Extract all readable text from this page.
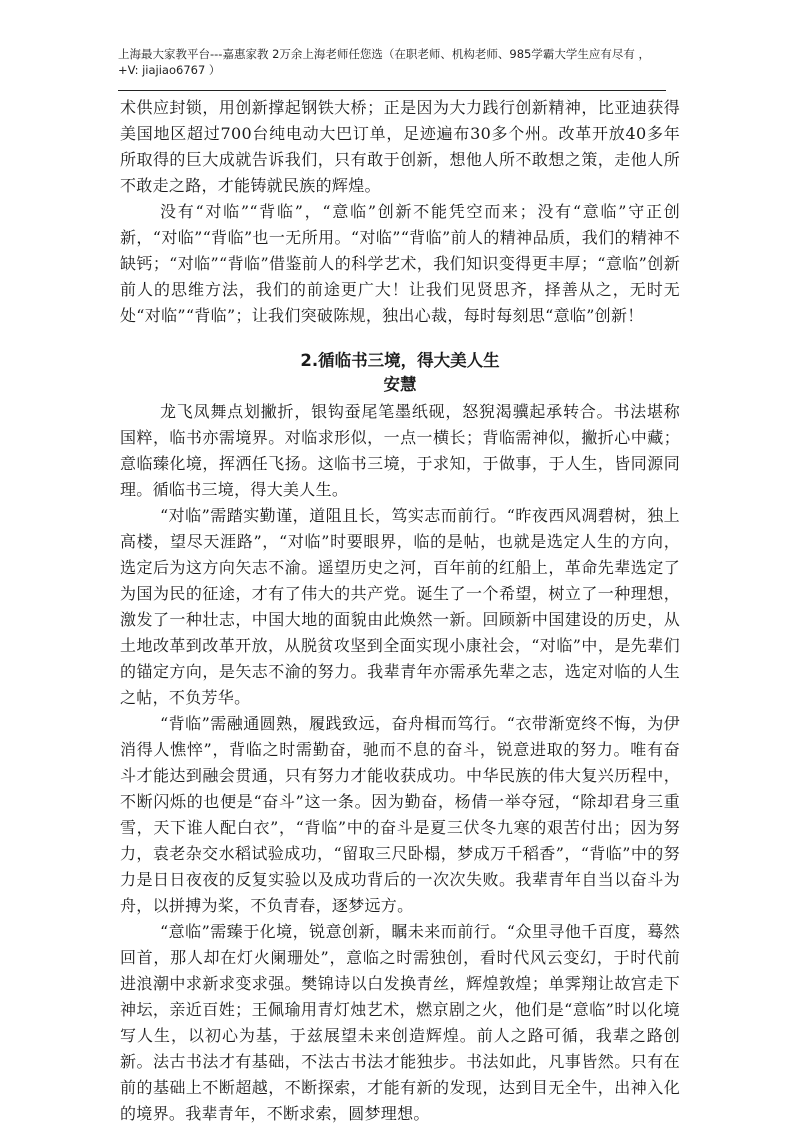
上海最大家教平台---嘉惠家教 2万余上海老师任您选（在职老师、机构老师、985学霸大学生应有尽有 ，+V: jiajiao6767 ）

术供应封锁，用创新撑起钢铁大桥；正是因为大力践行创新精神，比亚迪获得美国地区超过700台纯电动大巴订单，足迹遍布30多个州。改革开放40多年所取得的巨大成就告诉我们，只有敢于创新，想他人所不敢想之策，走他人所不敢走之路，才能铸就民族的辉煌。

没有“对临”“背临”，“意临”创新不能凭空而来；没有“意临”守正创新，“对临”“背临”也一无所用。“对临”“背临”前人的精神品质，我们的精神不缺钙；“对临”“背临”借鉴前人的科学艺术，我们知识变得更丰厚；“意临”创新前人的思维方法，我们的前途更广大！让我们见贤思齐，择善从之，无时无处“对临”“背临”；让我们突破陈规，独出心裁，每时每刻思“意临”创新！

2.循临书三境，得大美人生
安慧

龙飞凤舞点划撇折，银钩蚕尾笔墨纸砚，怒猊渴骥起承转合。书法堪称国粹，临书亦需境界。对临求形似，一点一横长；背临需神似，撇折心中藏；意临臻化境，挥洒任飞扬。这临书三境，于求知，于做事，于人生，皆同源同理。循临书三境，得大美人生。

“对临”需踏实勤谨，道阻且长，笃实志而前行。“昨夜西风凋碧树，独上高楼，望尽天涯路”，“对临”时要眼界，临的是帖，也就是选定人生的方向，选定后为这方向矢志不渝。遥望历史之河，百年前的红船上，革命先辈选定了为国为民的征途，才有了伟大的共产党。诞生了一个希望，树立了一种理想，激发了一种壮志，中国大地的面貌由此焕然一新。回顾新中国建设的历史，从土地改革到改革开放，从脱贫攻坚到全面实现小康社会，“对临”中，是先辈们的锚定方向，是矢志不渝的努力。我辈青年亦需承先辈之志，选定对临的人生之帖，不负芳华。

“背临”需融通圆熟，履践致远，奋舟楫而笃行。“衣带渐宽终不悔，为伊消得人憔悴”，背临之时需勤奋，驰而不息的奋斗，锐意进取的努力。唯有奋斗才能达到融会贯通，只有努力才能收获成功。中华民族的伟大复兴历程中，不断闪烁的也便是“奋斗”这一条。因为勤奋，杨倩一举夺冠，“除却君身三重雪，天下谁人配白衣”，“背临”中的奋斗是夏三伏冬九寒的艰苦付出；因为努力，袁老杂交水稻试验成功，“留取三尺卧榻，梦成万千稻香”，“背临”中的努力是日日夜夜的反复实验以及成功背后的一次次失败。我辈青年自当以奋斗为舟，以拼搏为桨，不负青春，逐梦远方。

“意临”需臻于化境，锐意创新，瞩未来而前行。“众里寻他千百度，蓦然回首，那人却在灯火阑珊处”，意临之时需独创，看时代风云变幻，于时代前进浪潮中求新求变求强。樊锦诗以白发换青丝，辉煌敦煌；单霁翔让故宫走下神坛，亲近百姓；王佩瑜用青灯烛艺术，燃京剧之火，他们是“意临”时以化境写人生，以初心为基，于兹展望未来创造辉煌。前人之路可循，我辈之路创新。法古书法才有基础，不法古书法才能独步。书法如此，凡事皆然。只有在前的基础上不断超越，不断探索，才能有新的发现，达到目无全牛，出神入化的境界。我辈青年，不断求索，圆梦理想。
